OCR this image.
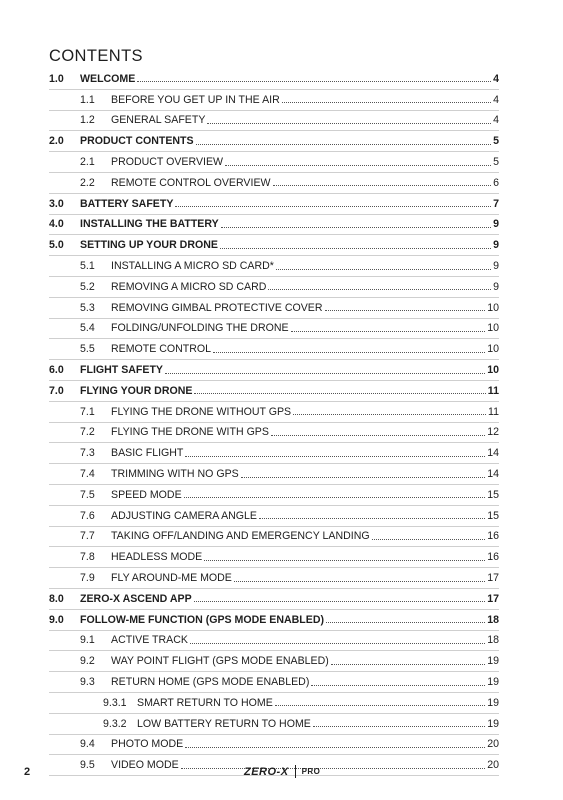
CONTENTS
1.0	WELCOME	4
1.1	BEFORE YOU GET UP IN THE AIR	4
1.2	GENERAL SAFETY	4
2.0	PRODUCT CONTENTS	5
2.1	PRODUCT OVERVIEW	5
2.2	REMOTE CONTROL OVERVIEW	6
3.0	BATTERY SAFETY	7
4.0	INSTALLING THE BATTERY	9
5.0	SETTING UP YOUR DRONE	9
5.1	INSTALLING A MICRO SD CARD*	9
5.2	REMOVING A MICRO SD CARD	9
5.3	REMOVING GIMBAL PROTECTIVE COVER	10
5.4	FOLDING/UNFOLDING THE DRONE	10
5.5	REMOTE CONTROL	10
6.0	FLIGHT SAFETY	10
7.0	FLYING YOUR DRONE	11
7.1	FLYING THE DRONE WITHOUT GPS	11
7.2	FLYING THE DRONE WITH GPS	12
7.3	BASIC FLIGHT	14
7.4	TRIMMING WITH NO GPS	14
7.5	SPEED MODE	15
7.6	ADJUSTING CAMERA ANGLE	15
7.7	TAKING OFF/LANDING AND EMERGENCY LANDING	16
7.8	HEADLESS MODE	16
7.9	FLY AROUND-ME MODE	17
8.0	ZERO-X ASCEND APP	17
9.0	FOLLOW-ME FUNCTION (GPS MODE ENABLED)	18
9.1	ACTIVE TRACK	18
9.2	WAY POINT FLIGHT (GPS MODE ENABLED)	19
9.3	RETURN HOME (GPS MODE ENABLED)	19
9.3.1 SMART RETURN TO HOME	19
9.3.2 LOW BATTERY RETURN TO HOME	19
9.4	PHOTO MODE	20
9.5	VIDEO MODE	20
2	ZERO-X PRO
